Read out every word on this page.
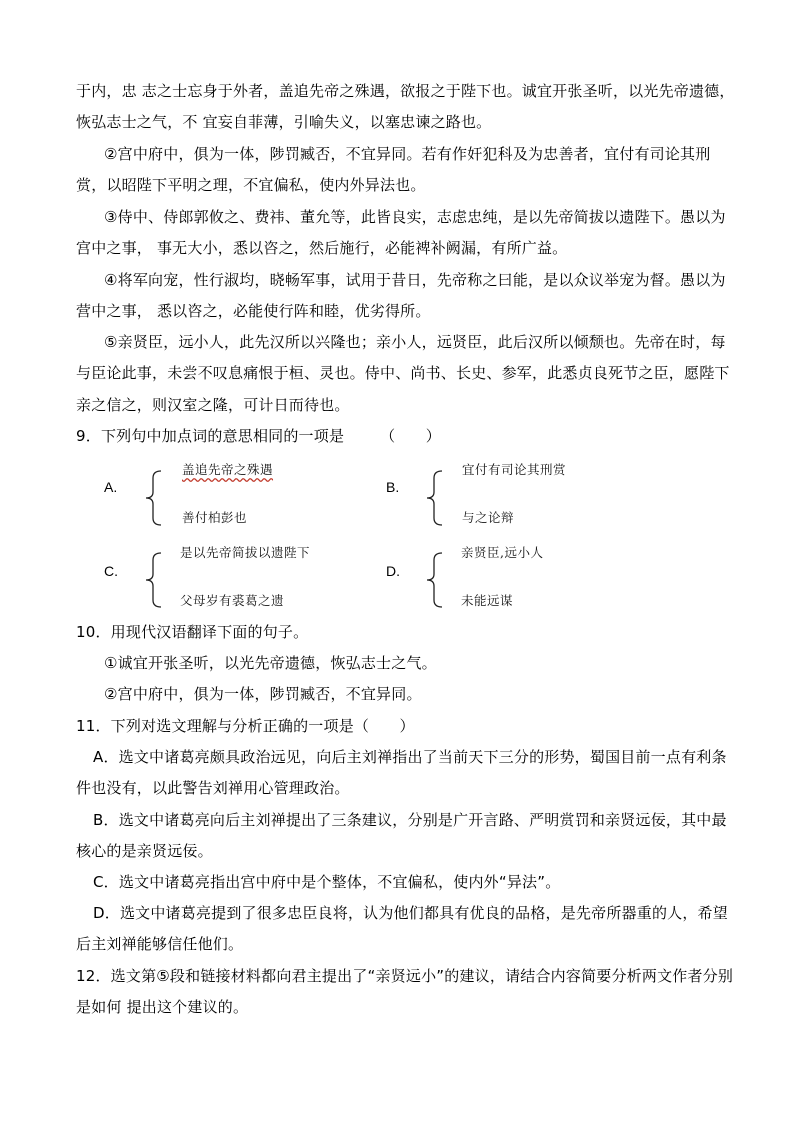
于内，忠 志之士忘身于外者，盖追先帝之殊遇，欲报之于陛下也。诚宜开张圣听，以光先帝遗德，
恢弘志士之气，不 宜妄自菲薄，引喻失义，以塞忠谏之路也。
②宫中府中，俱为一体，陟罚臧否，不宜异同。若有作奸犯科及为忠善者，宜付有司论其刑
赏，以昭陛下平明之理，不宜偏私，使内外异法也。
③侍中、侍郎郭攸之、费祎、董允等，此皆良实，志虑忠纯，是以先帝简拔以遗陛下。愚以为
宫中之事， 事无大小，悉以咨之，然后施行，必能裨补阙漏，有所广益。
④将军向宠，性行淑均，晓畅军事，试用于昔日，先帝称之曰能，是以众议举宠为督。愚以为
营中之事， 悉以咨之，必能使行阵和睦，优劣得所。
⑤亲贤臣，远小人，此先汉所以兴隆也；亲小人，远贤臣，此后汉所以倾颓也。先帝在时，每
与臣论此事，未尝不叹息痛恨于桓、灵也。侍中、尚书、长史、参军，此悉贞良死节之臣，愿陛下
亲之信之，则汉室之隆，可计日而待也。
9．下列句中加点词的意思相同的一项是 （　　）
A.
盖追先帝之殊遇
善付柏彭也
B.
宜付有司论其刑赏
与之论辩
C.
是以先帝简拔以遗陛下
父母岁有裘葛之遗
D.
亲贤臣,远小人
未能远谋
10．用现代汉语翻译下面的句子。
①诚宜开张圣听，以光先帝遗德，恢弘志士之气。
②宫中府中，俱为一体，陟罚臧否，不宜异同。
11．下列对选文理解与分析正确的一项是（　　）
A．选文中诸葛亮颇具政治远见，向后主刘禅指出了当前天下三分的形势，蜀国目前一点有利条
件也没有，以此警告刘禅用心管理政治。
B．选文中诸葛亮向后主刘禅提出了三条建议，分别是广开言路、严明赏罚和亲贤远佞，其中最
核心的是亲贤远佞。
C．选文中诸葛亮指出宫中府中是个整体，不宜偏私，使内外“异法”。
D．选文中诸葛亮提到了很多忠臣良将，认为他们都具有优良的品格，是先帝所器重的人，希望
后主刘禅能够信任他们。
12．选文第⑤段和链接材料都向君主提出了“亲贤远小”的建议，请结合内容简要分析两文作者分别
是如何 提出这个建议的。
